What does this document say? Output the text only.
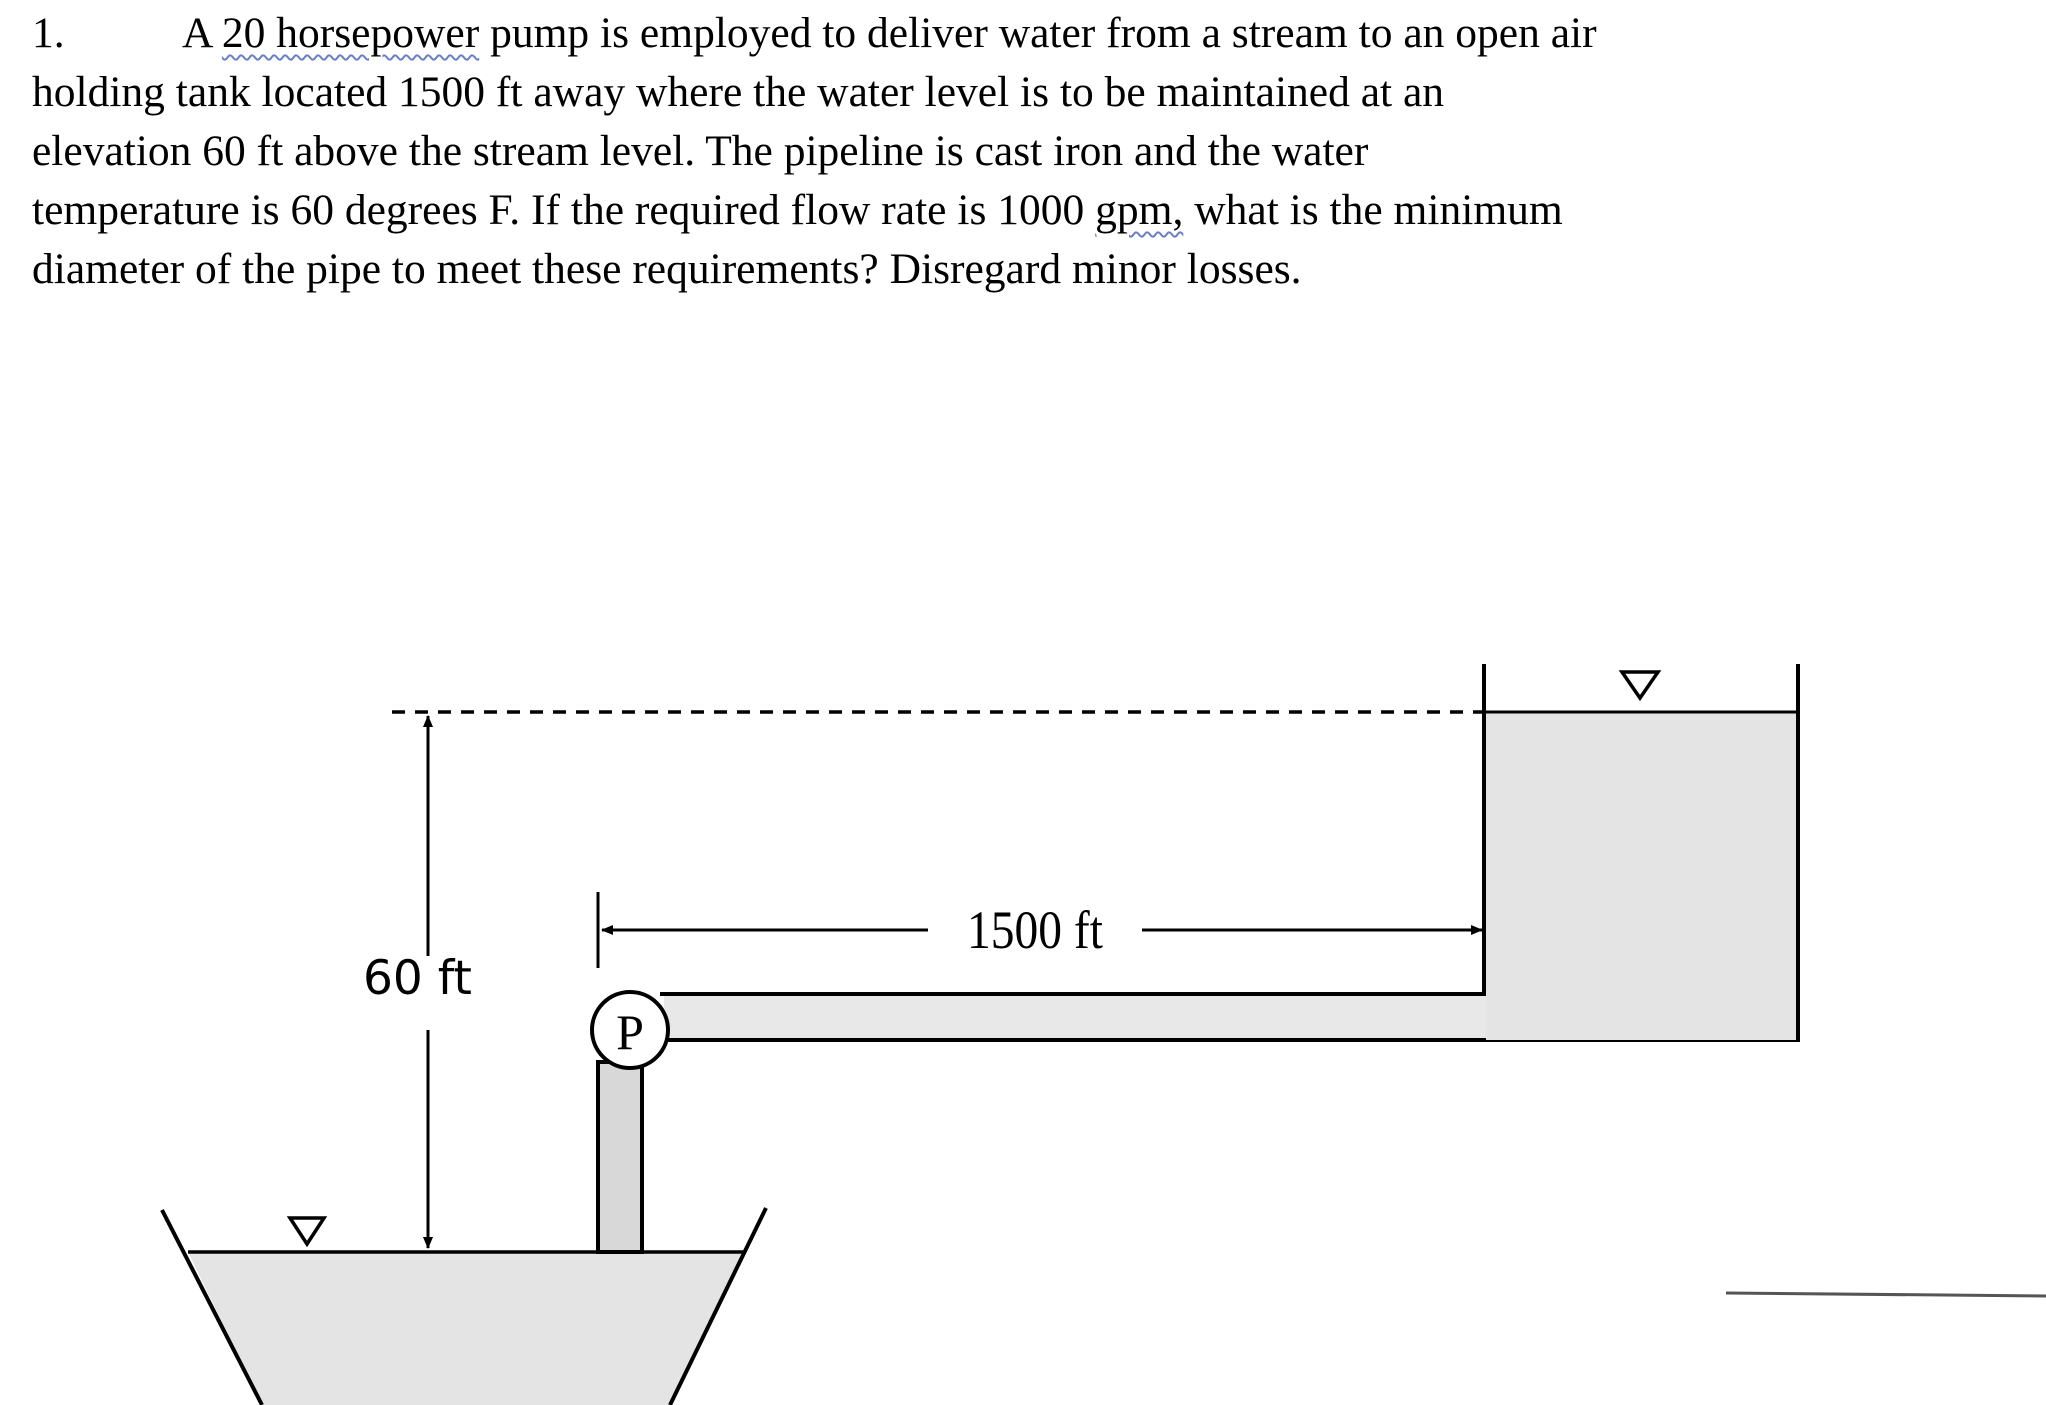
1.	A 20 horsepower pump is employed to deliver water from a stream to an open air
holding tank located 1500 ft away where the water level is to be maintained at an
elevation 60 ft above the stream level. The pipeline is cast iron and the water
temperature is 60 degrees F. If the required flow rate is 1000 gpm, what is the minimum
diameter of the pipe to meet these requirements? Disregard minor losses.
60 ft
1500 ft
P
